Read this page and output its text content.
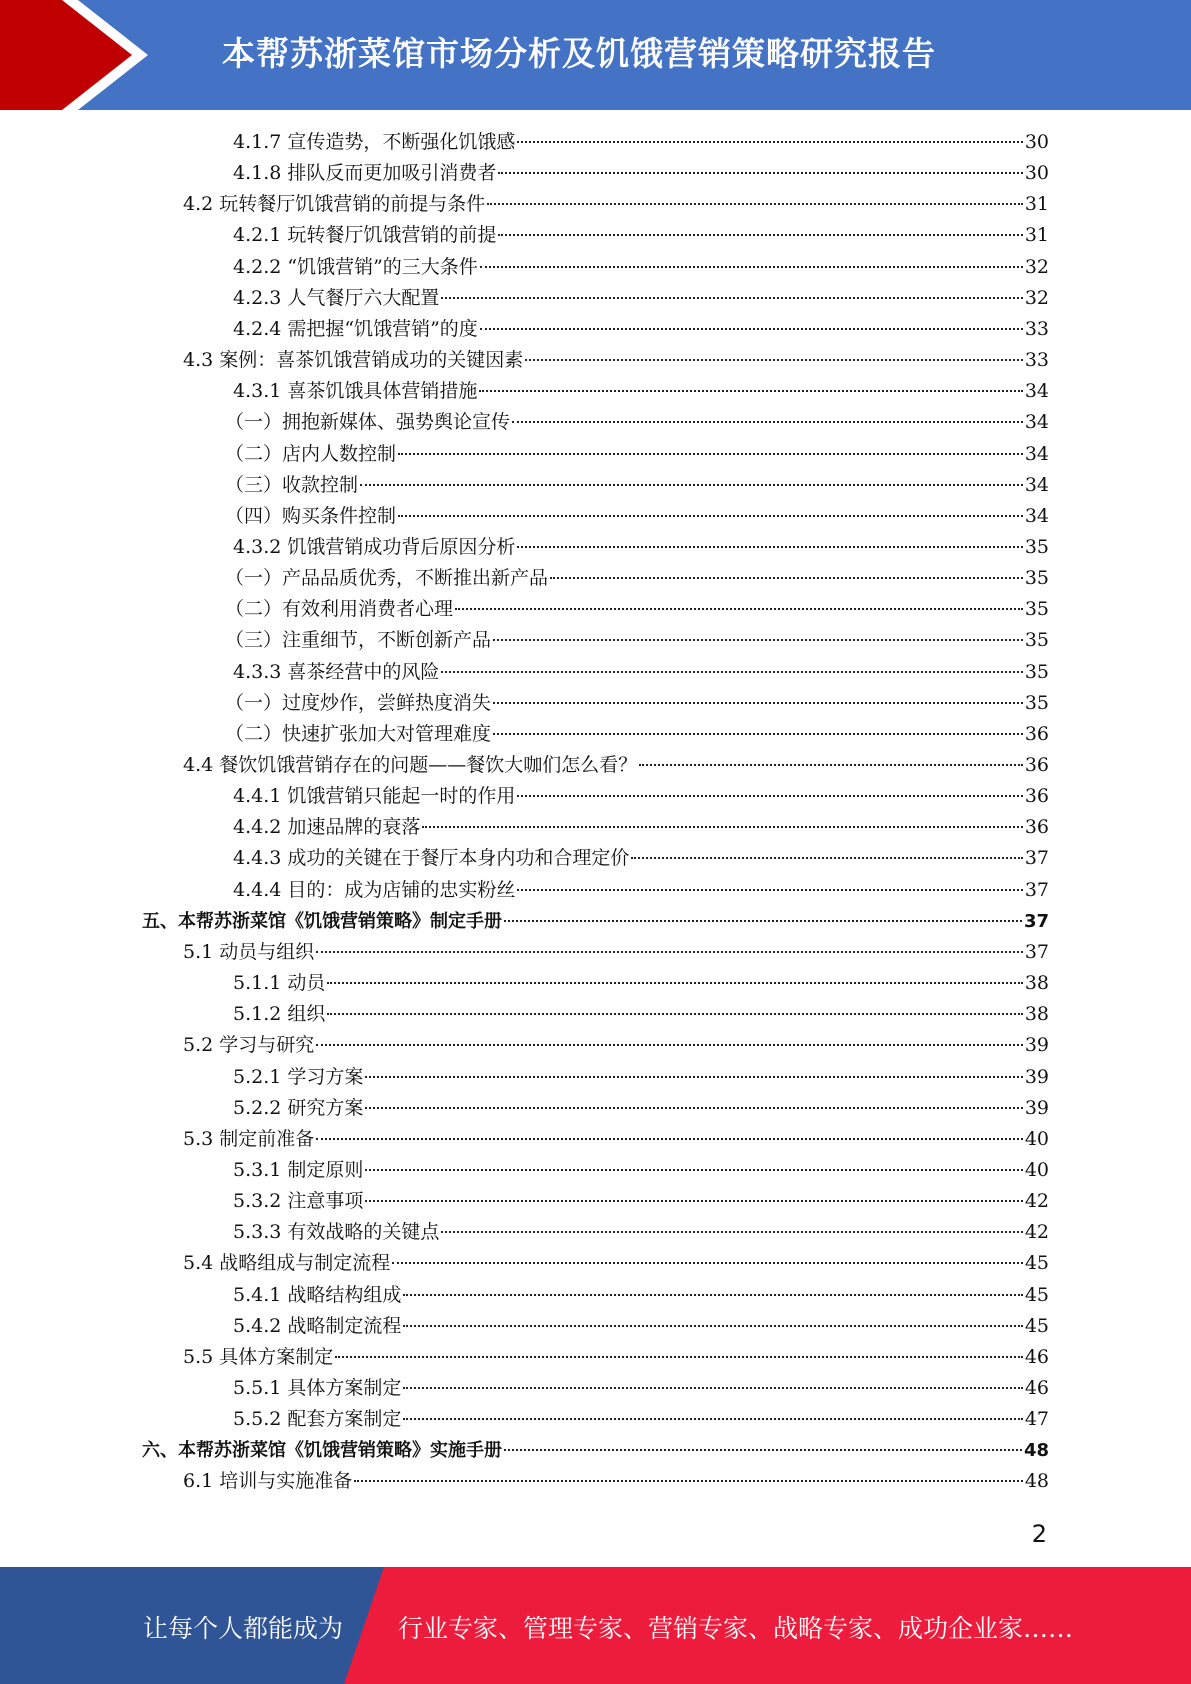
本帮苏浙菜馆市场分析及饥饿营销策略研究报告
4.1.7 宣传造势，不断强化饥饿感	30
4.1.8 排队反而更加吸引消费者	30
4.2 玩转餐厅饥饿营销的前提与条件	31
4.2.1 玩转餐厅饥饿营销的前提	31
4.2.2 “饥饿营销”的三大条件	32
4.2.3 人气餐厅六大配置	32
4.2.4 需把握“饥饿营销”的度	33
4.3 案例：喜茶饥饿营销成功的关键因素	33
4.3.1 喜茶饥饿具体营销措施	34
（一）拥抱新媒体、强势舆论宣传	34
（二）店内人数控制	34
（三）收款控制	34
（四）购买条件控制	34
4.3.2 饥饿营销成功背后原因分析	35
（一）产品品质优秀，不断推出新产品	35
（二）有效利用消费者心理	35
（三）注重细节，不断创新产品	35
4.3.3 喜茶经营中的风险	35
（一）过度炒作，尝鲜热度消失	35
（二）快速扩张加大对管理难度	36
4.4 餐饮饥饿营销存在的问题——餐饮大咖们怎么看？	36
4.4.1 饥饿营销只能起一时的作用	36
4.4.2 加速品牌的衰落	36
4.4.3 成功的关键在于餐厅本身内功和合理定价	37
4.4.4 目的：成为店铺的忠实粉丝	37
五、本帮苏浙菜馆《饥饿营销策略》制定手册	37
5.1 动员与组织	37
5.1.1 动员	38
5.1.2 组织	38
5.2 学习与研究	39
5.2.1 学习方案	39
5.2.2 研究方案	39
5.3 制定前准备	40
5.3.1 制定原则	40
5.3.2 注意事项	42
5.3.3 有效战略的关键点	42
5.4 战略组成与制定流程	45
5.4.1 战略结构组成	45
5.4.2 战略制定流程	45
5.5 具体方案制定	46
5.5.1 具体方案制定	46
5.5.2 配套方案制定	47
六、本帮苏浙菜馆《饥饿营销策略》实施手册	48
6.1 培训与实施准备	48
2
让每个人都能成为 行业专家、管理专家、营销专家、战略专家、成功企业家……
